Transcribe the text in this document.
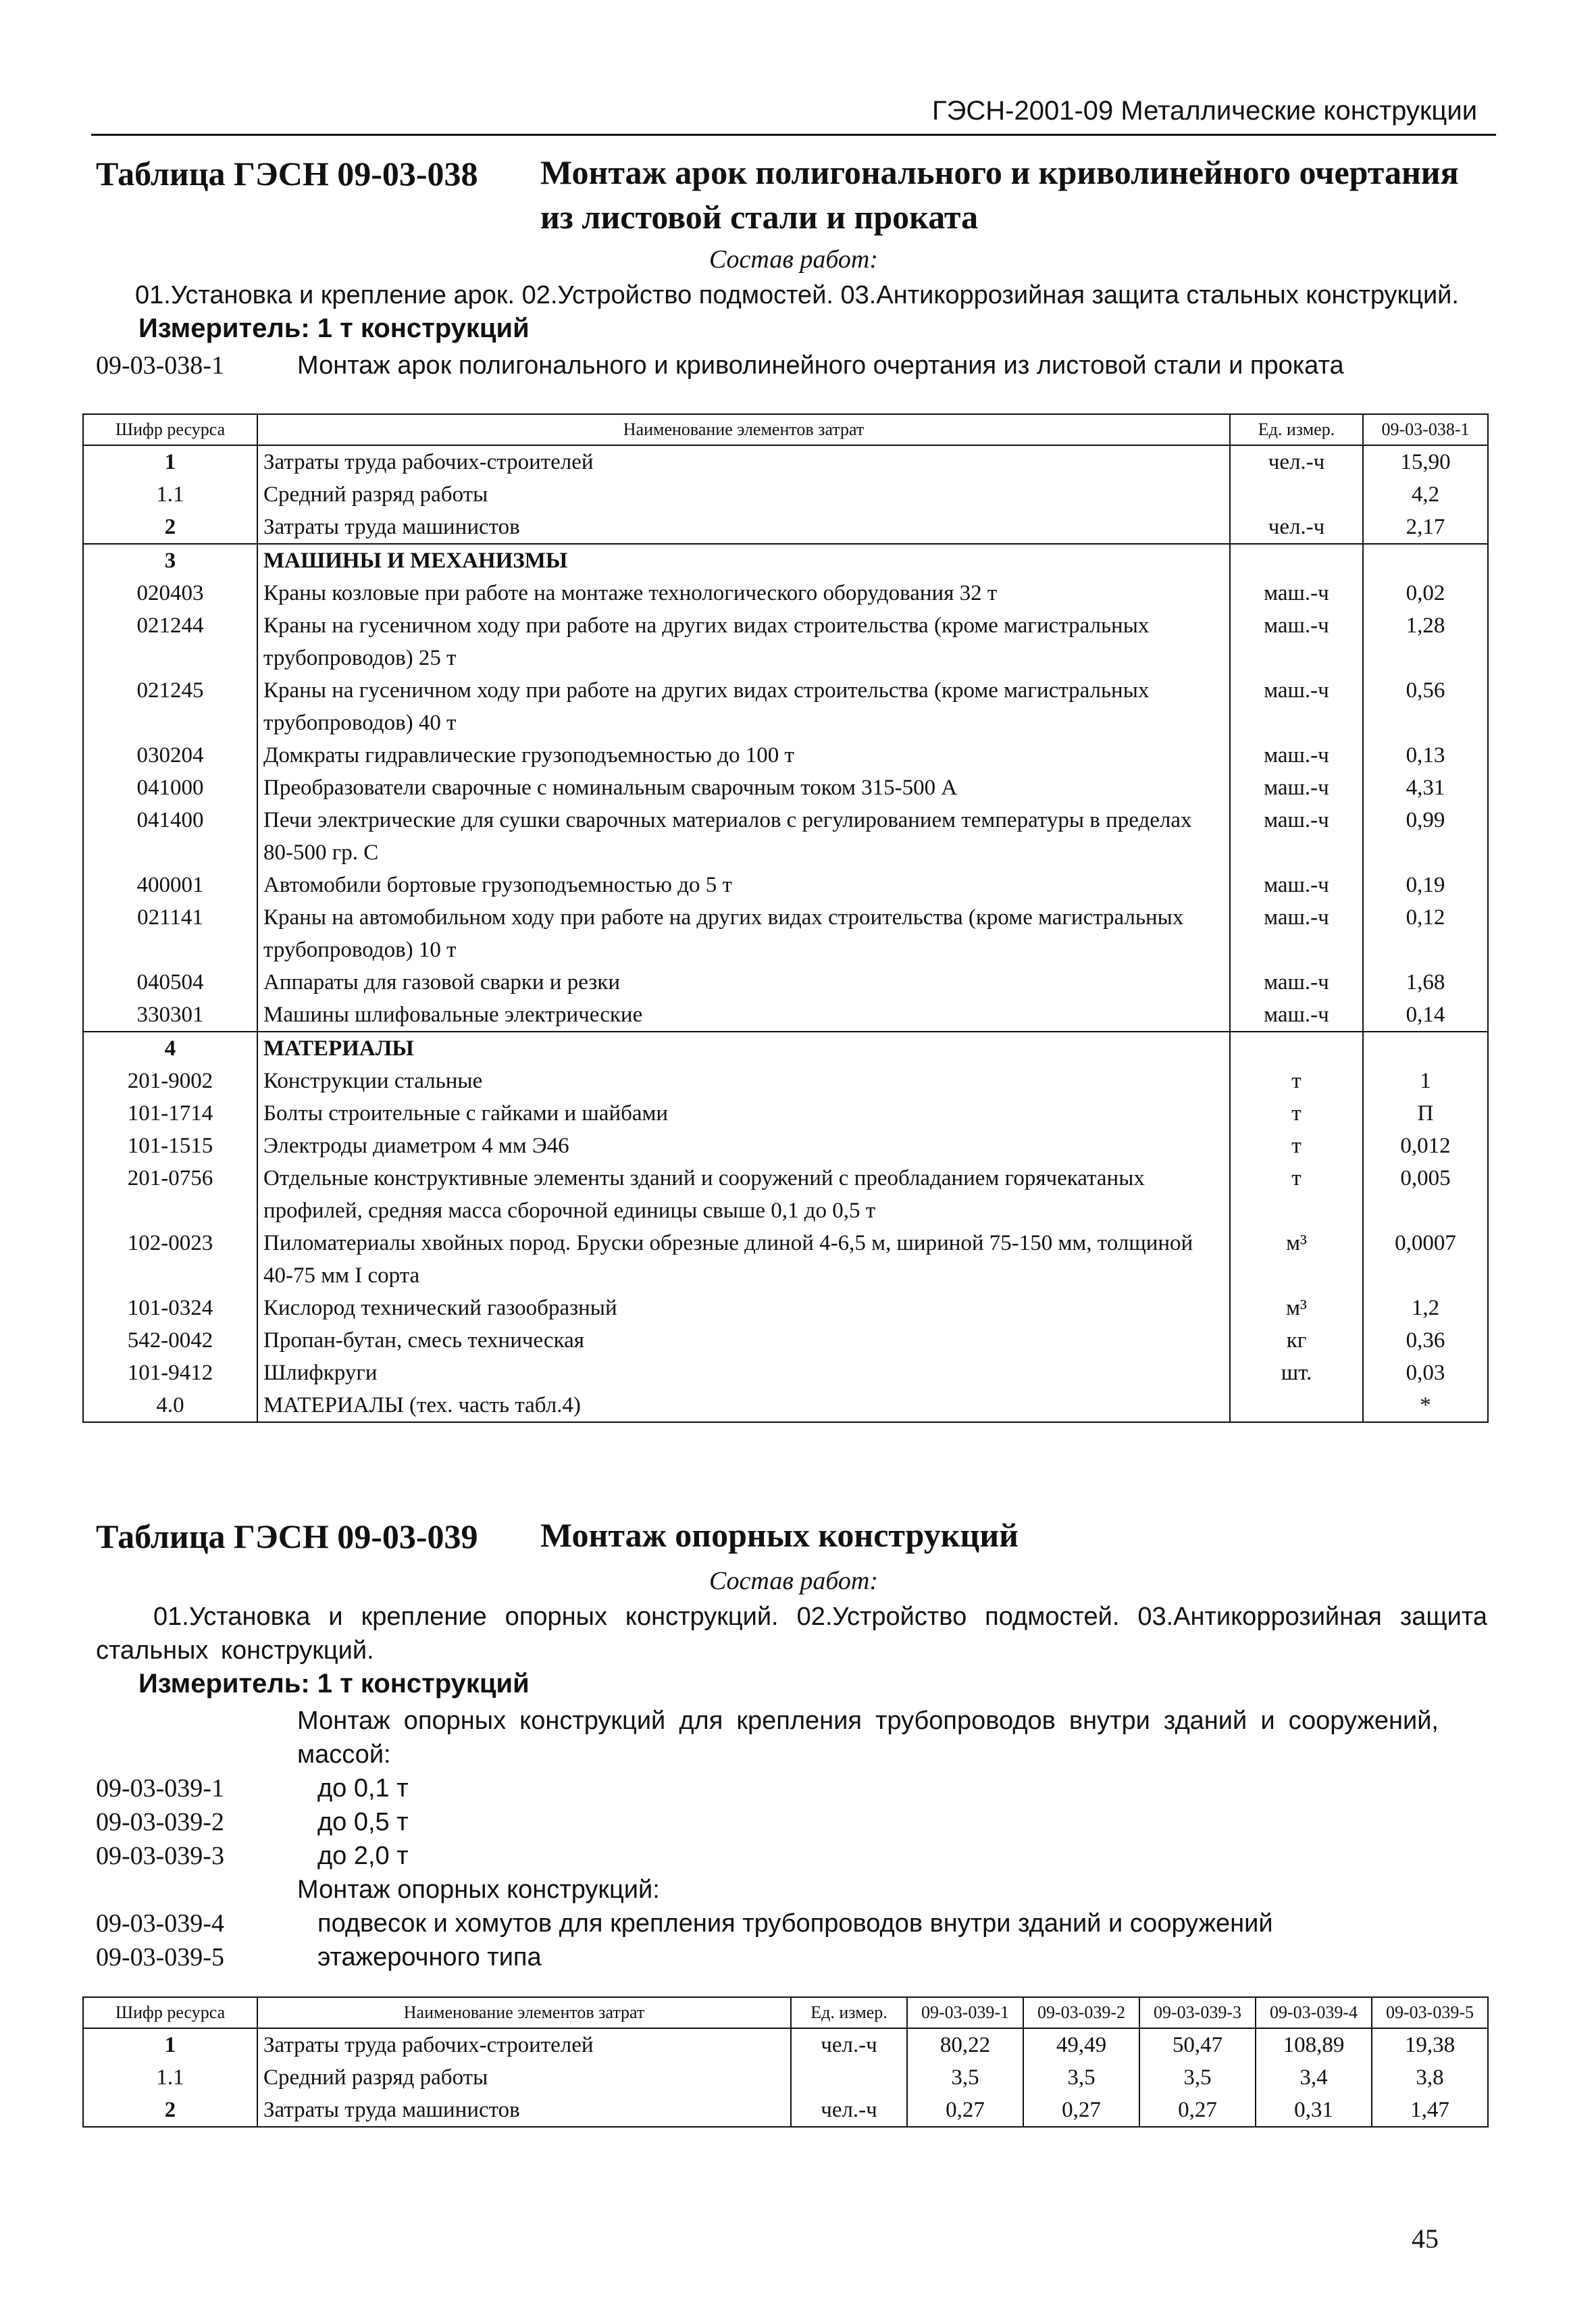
ГЭСН-2001-09 Металлические конструкции
Таблица ГЭСН 09-03-038 Монтаж арок полигонального и криволинейного очертания из листовой стали и проката
Состав работ:
01.Установка и крепление арок. 02.Устройство подмостей. 03.Антикоррозийная защита стальных конструкций.
Измеритель: 1 т конструкций
09-03-038-1	Монтаж арок полигонального и криволинейного очертания из листовой стали и проката
Шифр ресурса	Наименование элементов затрат	Ед. измер.	09-03-038-1
1	Затраты труда рабочих-строителей	чел.-ч	15,90
1.1	Средний разряд работы		4,2
2	Затраты труда машинистов	чел.-ч	2,17
3	МАШИНЫ И МЕХАНИЗМЫ		
020403	Краны козловые при работе на монтаже технологического оборудования 32 т	маш.-ч	0,02
021244	Краны на гусеничном ходу при работе на других видах строительства (кроме магистральных трубопроводов) 25 т	маш.-ч	1,28
021245	Краны на гусеничном ходу при работе на других видах строительства (кроме магистральных трубопроводов) 40 т	маш.-ч	0,56
030204	Домкраты гидравлические грузоподъемностью до 100 т	маш.-ч	0,13
041000	Преобразователи сварочные с номинальным сварочным током 315-500 А	маш.-ч	4,31
041400	Печи электрические для сушки сварочных материалов с регулированием температуры в пределах 80-500 гр. С	маш.-ч	0,99
400001	Автомобили бортовые грузоподъемностью до 5 т	маш.-ч	0,19
021141	Краны на автомобильном ходу при работе на других видах строительства (кроме магистральных трубопроводов) 10 т	маш.-ч	0,12
040504	Аппараты для газовой сварки и резки	маш.-ч	1,68
330301	Машины шлифовальные электрические	маш.-ч	0,14
4	МАТЕРИАЛЫ		
201-9002	Конструкции стальные	т	1
101-1714	Болты строительные с гайками и шайбами	т	П
101-1515	Электроды диаметром 4 мм Э46	т	0,012
201-0756	Отдельные конструктивные элементы зданий и сооружений с преобладанием горячекатаных профилей, средняя масса сборочной единицы свыше 0,1 до 0,5 т	т	0,005
102-0023	Пиломатериалы хвойных пород. Бруски обрезные длиной 4-6,5 м, шириной 75-150 мм, толщиной 40-75 мм I сорта	м³	0,0007
101-0324	Кислород технический газообразный	м³	1,2
542-0042	Пропан-бутан, смесь техническая	кг	0,36
101-9412	Шлифкруги	шт.	0,03
4.0	МАТЕРИАЛЫ (тех. часть табл.4)		*
Таблица ГЭСН 09-03-039 Монтаж опорных конструкций
Состав работ:
01.Установка и крепление опорных конструкций. 02.Устройство подмостей. 03.Антикоррозийная защита стальных конструкций.
Измеритель: 1 т конструкций
Монтаж опорных конструкций для крепления трубопроводов внутри зданий и сооружений, массой:
09-03-039-1	до 0,1 т
09-03-039-2	до 0,5 т
09-03-039-3	до 2,0 т
Монтаж опорных конструкций:
09-03-039-4	подвесок и хомутов для крепления трубопроводов внутри зданий и сооружений
09-03-039-5	этажерочного типа
Шифр ресурса	Наименование элементов затрат	Ед. измер.	09-03-039-1	09-03-039-2	09-03-039-3	09-03-039-4	09-03-039-5
1	Затраты труда рабочих-строителей	чел.-ч	80,22	49,49	50,47	108,89	19,38
1.1	Средний разряд работы		3,5	3,5	3,5	3,4	3,8
2	Затраты труда машинистов	чел.-ч	0,27	0,27	0,27	0,31	1,47
45
